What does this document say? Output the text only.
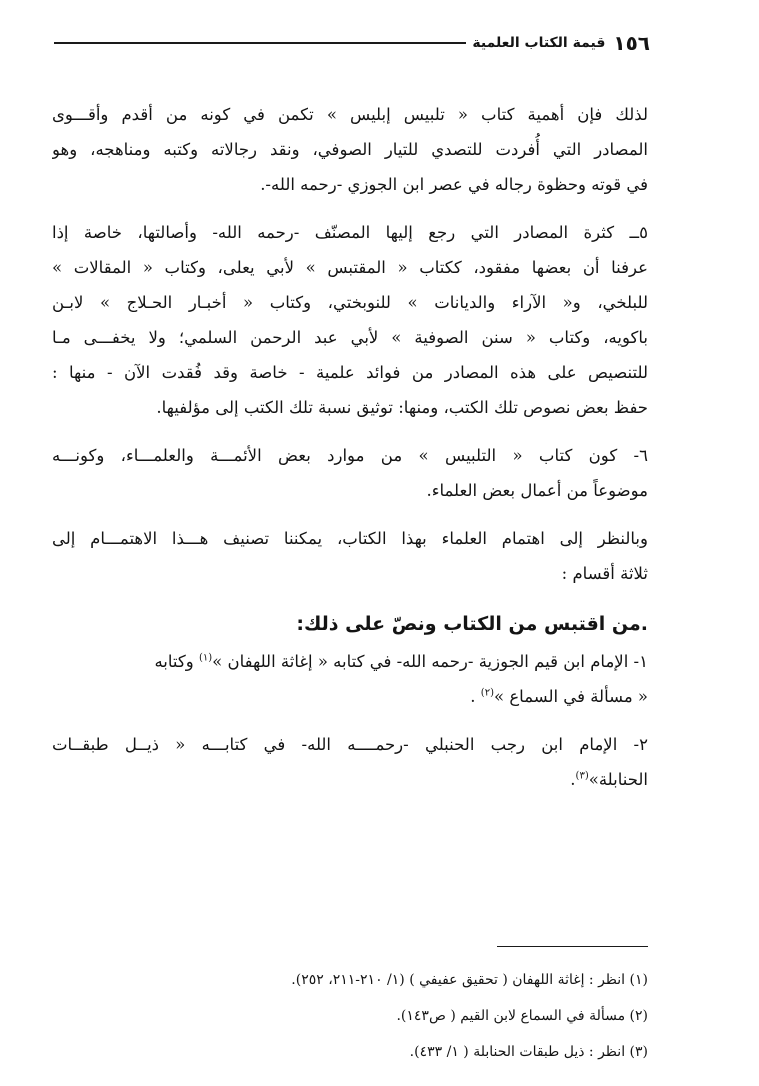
١٥٦
قيمة الكتاب العلمية
لذلك فإن أهمية كتاب « تلبيس إبليس » تكمن في كونه من أقدم وأقـــوى
المصادر التي أُفردت للتصدي للتيار الصوفي، ونقد رجالاته وكتبه ومناهجه، وهو
في قوته وحظوة رجاله في عصر ابن الجوزي -رحمه الله-.
٥ــ كثرة المصادر التي رجع إليها المصنّف -رحمه الله- وأصالتها، خاصة إذا
عرفنا أن بعضها مفقود، ككتاب « المقتبس » لأبي يعلى، وكتاب « المقالات »
للبلخي، و« الآراء والديانات » للنوبختي، وكتاب « أخبـار الحـلاج » لابـن
باكويه، وكتاب « سنن الصوفية » لأبي عبد الرحمن السلمي؛ ولا يخفـــى مـا
للتنصيص على هذه المصادر من فوائد علمية - خاصة وقد فُقدت الآن - منها :
حفظ بعض نصوص تلك الكتب، ومنها: توثيق نسبة تلك الكتب إلى مؤلفيها.
٦- كون كتاب « التلبيس » من موارد بعض الأئمـــة والعلمـــاء، وكونـــه
موضوعاً من أعمال بعض العلماء.
وبالنظر إلى اهتمام العلماء بهذا الكتاب، يمكننا تصنيف هـــذا الاهتمـــام إلى
ثلاثة أقسام :
.من اقتبس من الكتاب ونصّ على ذلك:
١- الإمام ابن قيم الجوزية -رحمه الله- في كتابه « إغاثة اللهفان »$^{(١)}$ وكتابه
« مسألة في السماع »$^{(٢)}$ .
٢- الإمام ابن رجب الحنبلي -رحمــــه الله- في كتابـــه « ذيــل طبقــات
الحنابلة»$^{(٣)}$.
(١) انظر : إغاثة اللهفان ( تحقيق عفيفي ) (١/ ٢١٠-٢١١، ٢٥٢).
(٢) مسألة في السماع لابن القيم ( ص١٤٣).
(٣) انظر : ذيل طبقات الحنابلة ( ١/ ٤٣٣).
